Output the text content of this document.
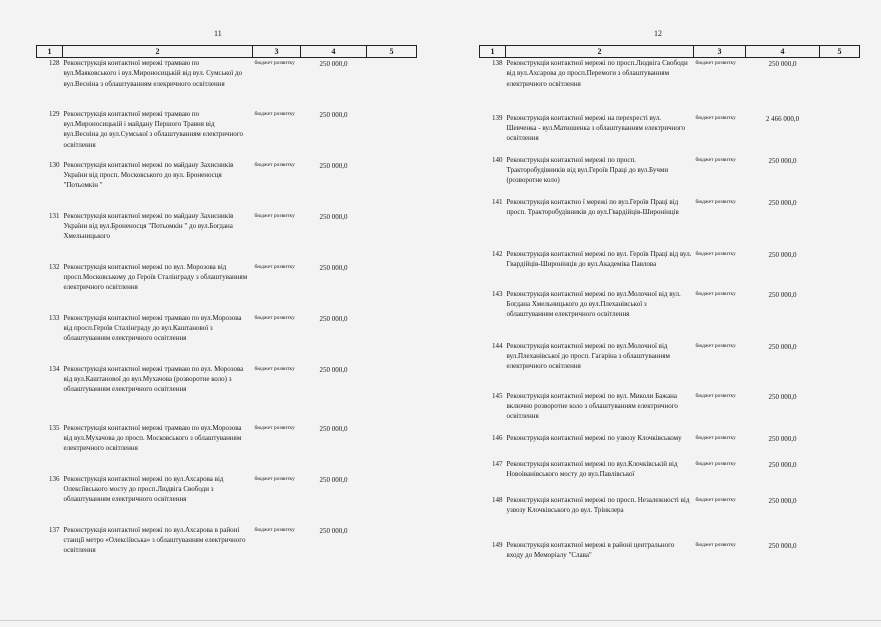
11
1	2	3	4	5
128	Реконструкція контактної мережі трамваю по вул.Маяковського і вул.Мироносицькій від вул. Сумської до вул.Весніна з облаштуванням елекричного освітлення	бюджет розвитку	250 000,0	
129	Реконструкція контактної мережі трамваю по вул.Мироносицькій і майдану Першого Травня від вул.Весніна до вул.Сумської з облаштуванням електричного освітлення	бюджет розвитку	250 000,0	
130	Реконструкція контактної мережі по майдану Захисників України від просп. Московського до вул. Броненосця "Потьомкін "	бюджет розвитку	250 000,0	
131	Реконструкція контактної мережі по майдану Захисників України від вул.Броненосця "Потьомкін " до вул.Богдана Хмельницького	бюджет розвитку	250 000,0	
132	Реконструкція контактної мережі по вул. Морозова від просп.Московському до Героїв Сталінграду з облаштуванням електричного освітлення	бюджет розвитку	250 000,0	
133	Реконструкція контактної мережі трамваю по вул.Морозова від просп.Героїв Сталінграду до вул.Каштанової з облаштуванням електричного освітлення	бюджет розвитку	250 000,0	
134	Реконструкція контактної мережі трамваю по вул. Морозова від вул.Каштанової до вул.Мухачова (розворотне коло) з облаштуванням електричного освітлення	бюджет розвитку	250 000,0	
135	Реконструкція контактної мережі трамваю по вул.Морозова від вул.Мухачова до просп. Московського з облаштуванням електричного освітлення	бюджет розвитку	250 000,0	
136	Реконструкція контактної мережі по вул.Ахсарова від Олексіївського мосту до просп.Людвіга Свободи з облаштуванням електричного освітлення	бюджет розвитку	250 000,0	
137	Реконструкція контактної мережі по вул.Ахсарова в районі станції метро «Олексіївська» з облаштуванням електричного освітлення	бюджет розвитку	250 000,0	
12
1	2	3	4	5
138	Реконструкція контактної мережі по просп.Людвіга Свободи від вул.Ахсарова до просп.Перемоги з облаштуванням електричного освітлення	бюджет розвитку	250 000,0	
139	Реконструкція контактної мережі на перехресті вул. Шевченка - вул.Матюшенка з облаштуванням електричного освітлення	бюджет розвитку	2 466 000,0	
140	Реконструкція контактної мережі по просп. Тракторобудівників від вул.Героїв Праці до вул.Бучми (розворотне коло)	бюджет розвитку	250 000,0	
141	Реконструкція контактно ї мережі по вул.Героїв Праці від просп. Тракторобудівників до вул.Гвардійців-Широнінців	бюджет розвитку	250 000,0	
142	Реконструкція контактної мережі по вул. Героїв Праці від вул. Гвардійців-Широнінців до вул.Академіка Павлова	бюджет розвитку	250 000,0	
143	Реконструкція контактної мережі по вул.Молочної від вул. Богдана Хмельницького до вул.Плеханівської з облаштуванням електричного освітлення	бюджет розвитку	250 000,0	
144	Реконструкція контактної мережі по вул.Молочної від вул.Плеханівської до просп. Гагаріна з облаштуванням електричного освітлення	бюджет розвитку	250 000,0	
145	Реконструкція контактної мережі по вул. Миколи Бажана включно розворотне коло з облаштуванням електричного освітлення	бюджет розвитку	250 000,0	
146	Реконструкція контактної мережі по узвозу Клочківському	бюджет розвитку	250 000,0	
147	Реконструкція контактної мережі по вул.Клочківській від Новоіванівського мосту до вул.Павлівської	бюджет розвитку	250 000,0	
148	Реконструкція контактної мережі по просп. Незалежності від узвозу Клочківського до вул. Трінклера	бюджет розвитку	250 000,0	
149	Реконструкція контактної мережі в районі центрального входу до Меморіалу "Слава"	бюджет розвитку	250 000,0	
